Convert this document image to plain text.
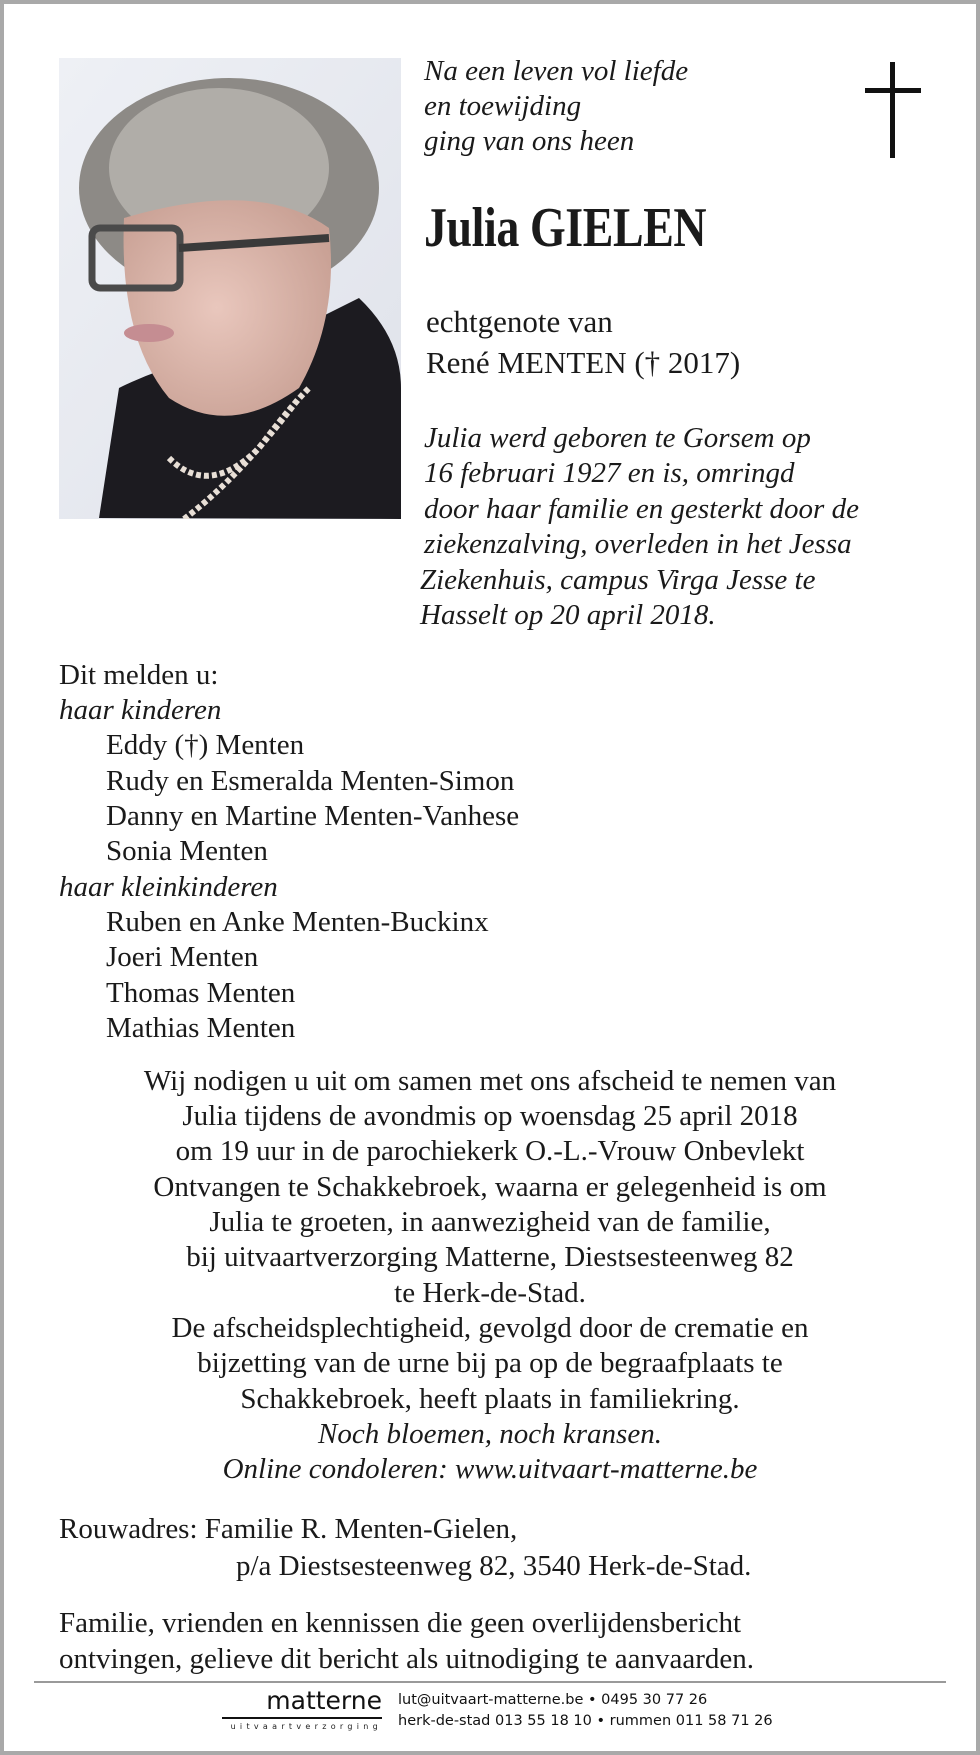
Na een leven vol liefde
en toewijding
ging van ons heen
Julia GIELEN
echtgenote van
René MENTEN († 2017)
Julia werd geboren te Gorsem op
16 februari 1927 en is, omringd
door haar familie en gesterkt door de
ziekenzalving, overleden in het Jessa
Ziekenhuis, campus Virga Jesse te
Hasselt op 20 april 2018.
Dit melden u:
haar kinderen
Eddy (†) Menten
Rudy en Esmeralda Menten-Simon
Danny en Martine Menten-Vanhese
Sonia Menten
haar kleinkinderen
Ruben en Anke Menten-Buckinx
Joeri Menten
Thomas Menten
Mathias Menten
Wij nodigen u uit om samen met ons afscheid te nemen van
Julia tijdens de avondmis op woensdag 25 april 2018
om 19 uur in de parochiekerk O.-L.-Vrouw Onbevlekt
Ontvangen te Schakkebroek, waarna er gelegenheid is om
Julia te groeten, in aanwezigheid van de familie,
bij uitvaartverzorging Matterne, Diestsesteenweg 82
te Herk-de-Stad.
De afscheidsplechtigheid, gevolgd door de crematie en
bijzetting van de urne bij pa op de begraafplaats te
Schakkebroek, heeft plaats in familiekring.
Noch bloemen, noch kransen.
Online condoleren: www.uitvaart-matterne.be
Rouwadres: Familie R. Menten-Gielen,
p/a Diestsesteenweg 82, 3540 Herk-de-Stad.
Familie, vrienden en kennissen die geen overlijdensbericht
ontvingen, gelieve dit bericht als uitnodiging te aanvaarden.
matterne
uitvaartverzorging
lut@uitvaart-matterne.be • 0495 30 77 26
herk-de-stad 013 55 18 10 • rummen 011 58 71 26
